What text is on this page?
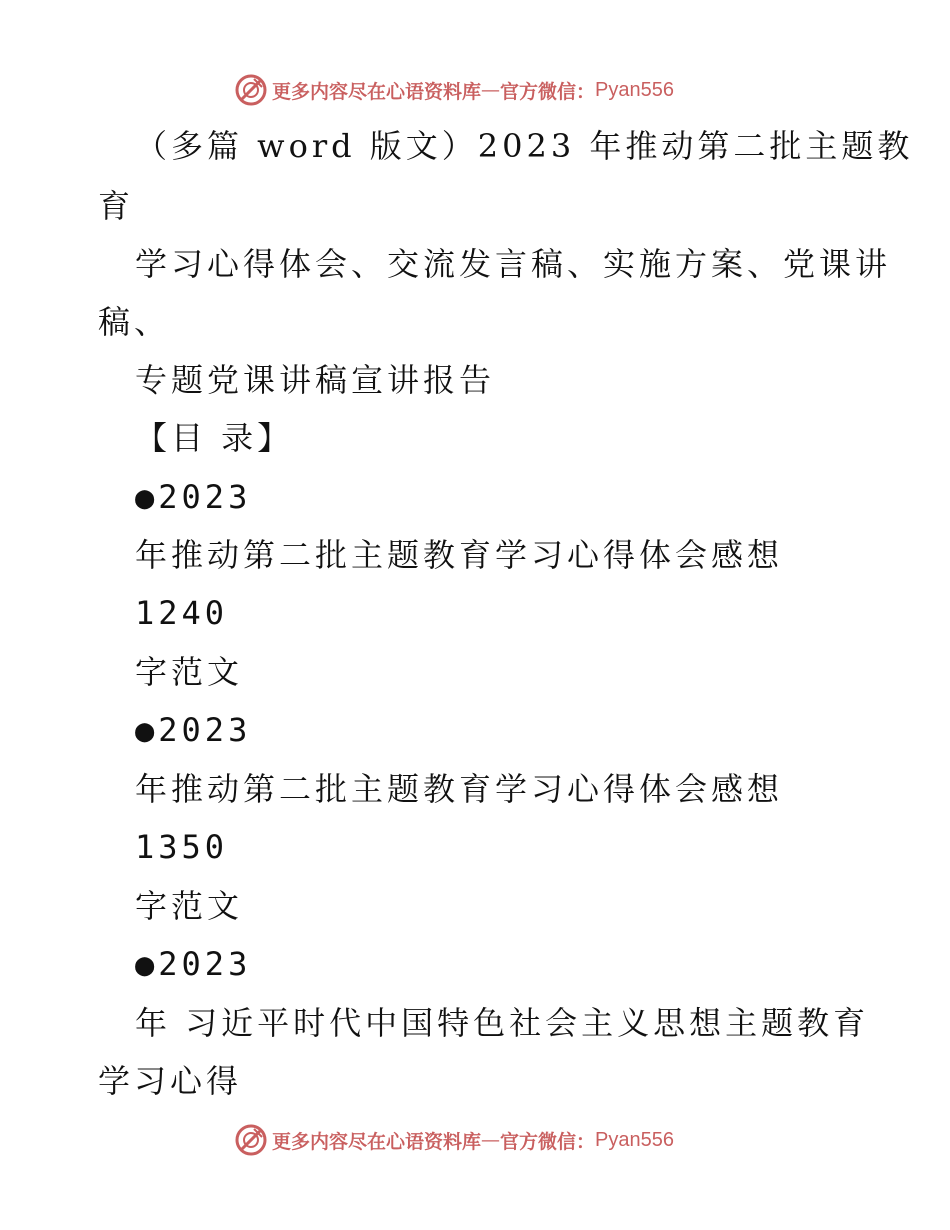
更多内容尽在心语资料库 — 官方微信： Pyan556
（多篇 word 版文）2023 年推动第二批主题教
育
学习心得体会、交流发言稿、实施方案、党课讲
稿、
专题党课讲稿宣讲报告
【目 录】
●2023
年推动第二批主题教育学习心得体会感想
1240
字范文
●2023
年推动第二批主题教育学习心得体会感想
1350
字范文
●2023
年 习近平时代中国特色社会主义思想主题教育
学习心得
更多内容尽在心语资料库 — 官方微信： Pyan556
